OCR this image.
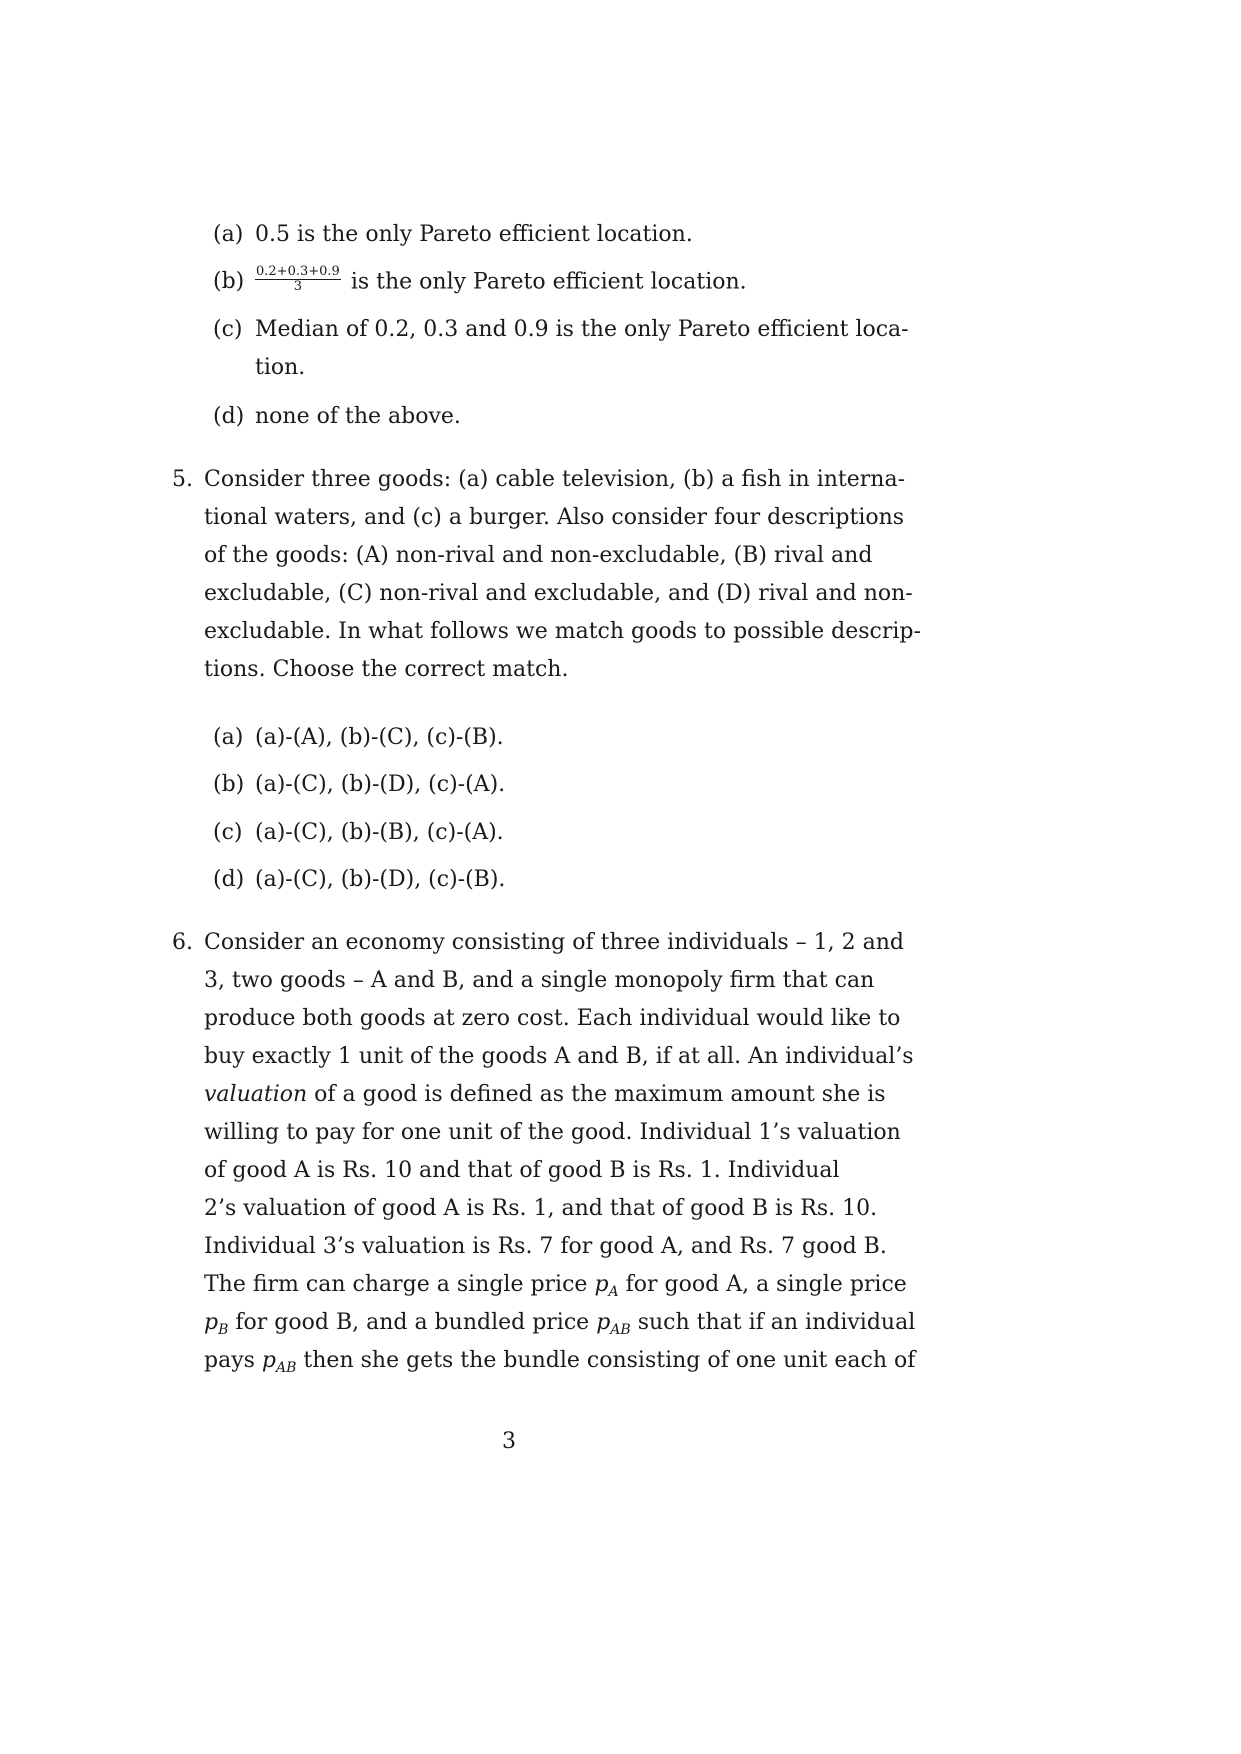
(a) 0.5 is the only Pareto efficient location.
$(b) \frac{0.2+0.3+0.9}{3}$ is the only Pareto efficient location.
(c) Median of 0.2, 0.3 and 0.9 is the only Pareto efficient loca-
tion.
(d) none of the above.
5. Consider three goods: (a) cable television, (b) a fish in interna-
tional waters, and (c) a burger. Also consider four descriptions
of the goods: (A) non-rival and non-excludable, (B) rival and
excludable, (C) non-rival and excludable, and (D) rival and non-
excludable. In what follows we match goods to possible descrip-
tions. Choose the correct match.
(a) (a)-(A), (b)-(C), (c)-(B).
(b) (a)-(C), (b)-(D), (c)-(A).
(c) (a)-(C), (b)-(B), (c)-(A).
(d) (a)-(C), (b)-(D), (c)-(B).
6. Consider an economy consisting of three individuals – 1, 2 and
3, two goods – A and B, and a single monopoly firm that can
produce both goods at zero cost. Each individual would like to
buy exactly 1 unit of the goods A and B, if at all. An individual’s
valuation of a good is defined as the maximum amount she is
willing to pay for one unit of the good. Individual 1’s valuation
of good A is Rs. 10 and that of good B is Rs. 1. Individual
2’s valuation of good A is Rs. 1, and that of good B is Rs. 10.
Individual 3’s valuation is Rs. 7 for good A, and Rs. 7 good B.
The firm can charge a single price $p_A$ for good A, a single price
$p_B$ for good B, and a bundled price $p_{AB}$ such that if an individual
pays $p_{AB}$ then she gets the bundle consisting of one unit each of
3
